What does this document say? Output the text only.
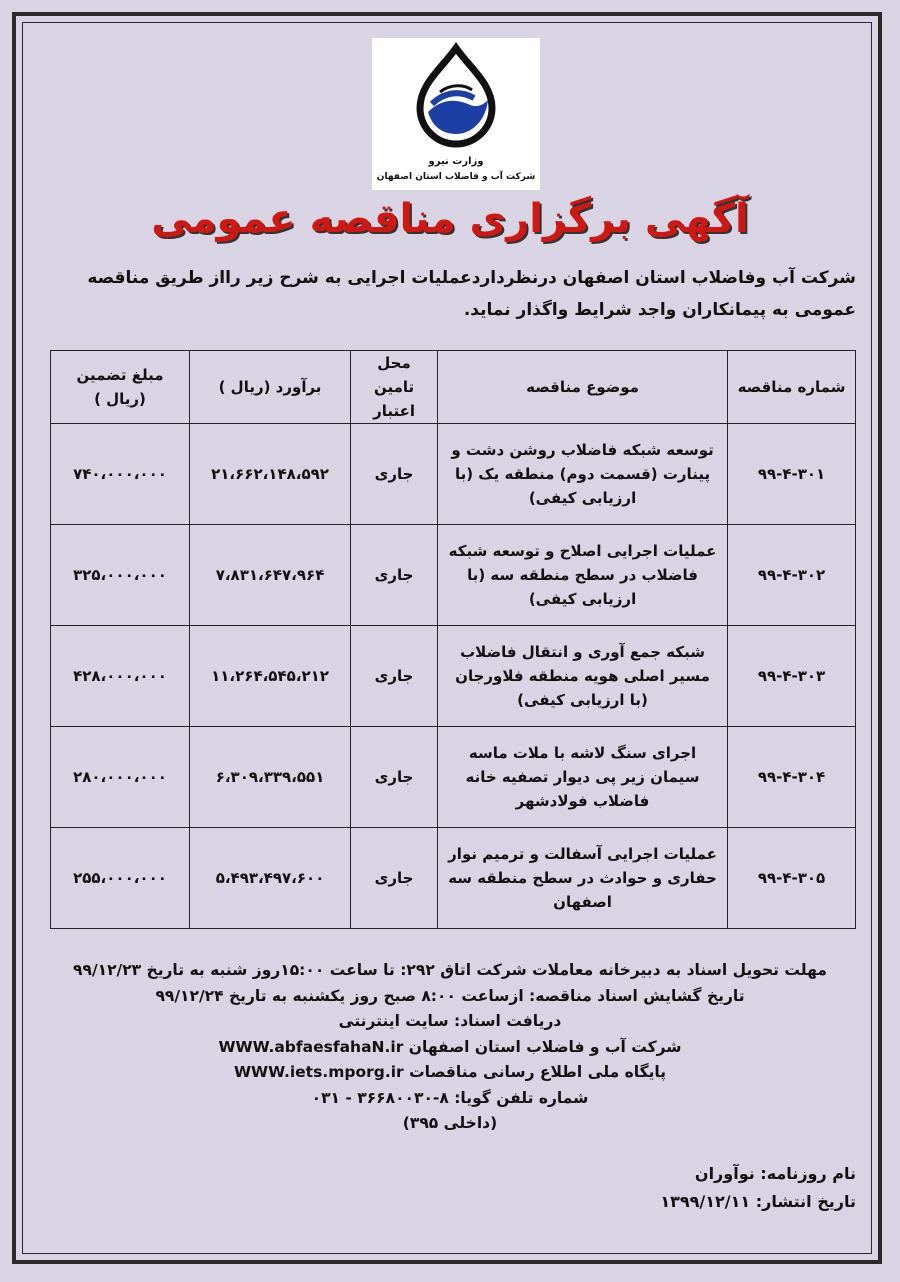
وزارت نیرو
شرکت آب و فاضلاب استان اصفهان
آگهی برگزاری مناقصه عمومی
شرکت آب وفاضلاب استان اصفهان درنظرداردعملیات اجرایی به شرح زیر رااز طریق مناقصه عمومی به پیمانکاران واجد شرایط واگذار نماید.
شماره مناقصه	موضوع مناقصه	محل تامین اعتبار	برآورد (ریال )	مبلغ تضمین (ریال )
۹۹-۴-۳۰۱	توسعه شبکه فاضلاب روشن دشت و پینارت (قسمت دوم) منطقه یک (با ارزیابی کیفی)	جاری	۲۱،۶۶۲،۱۴۸،۵۹۲	۷۴۰،۰۰۰،۰۰۰
۹۹-۴-۳۰۲	عملیات اجرایی اصلاح و توسعه شبکه فاضلاب در سطح منطقه سه (با ارزیابی کیفی)	جاری	۷،۸۳۱،۶۴۷،۹۶۴	۳۲۵،۰۰۰،۰۰۰
۹۹-۴-۳۰۳	شبکه جمع آوری و انتقال فاضلاب مسیر اصلی هویه منطقه فلاورجان (با ارزیابی کیفی)	جاری	۱۱،۲۶۴،۵۴۵،۲۱۲	۴۲۸،۰۰۰،۰۰۰
۹۹-۴-۳۰۴	اجرای سنگ لاشه با ملات ماسه سیمان زیر پی دیوار تصفیه خانه فاضلاب فولادشهر	جاری	۶،۳۰۹،۳۳۹،۵۵۱	۲۸۰،۰۰۰،۰۰۰
۹۹-۴-۳۰۵	عملیات اجرایی آسفالت و ترمیم نوار حفاری و حوادث در سطح منطقه سه اصفهان	جاری	۵،۴۹۳،۴۹۷،۶۰۰	۲۵۵،۰۰۰،۰۰۰
مهلت تحویل اسناد به دبیرخانه معاملات شرکت اتاق ۲۹۲: تا ساعت ۱۵:۰۰روز شنبه به تاریخ ۹۹/۱۲/۲۳
تاریخ گشایش اسناد مناقصه: ازساعت ۸:۰۰ صبح روز یکشنبه به تاریخ ۹۹/۱۲/۲۴
دریافت اسناد: سایت اینترنتی
شرکت آب و فاضلاب استان اصفهان WWW.abfaesfahaN.ir
پایگاه ملی اطلاع رسانی مناقصات WWW.iets.mporg.ir
شماره تلفن گویا: ۸-۳۶۶۸۰۰۳۰ - ۰۳۱
(داخلی ۳۹۵)
نام روزنامه: نوآوران
تاریخ انتشار: ۱۳۹۹/۱۲/۱۱
